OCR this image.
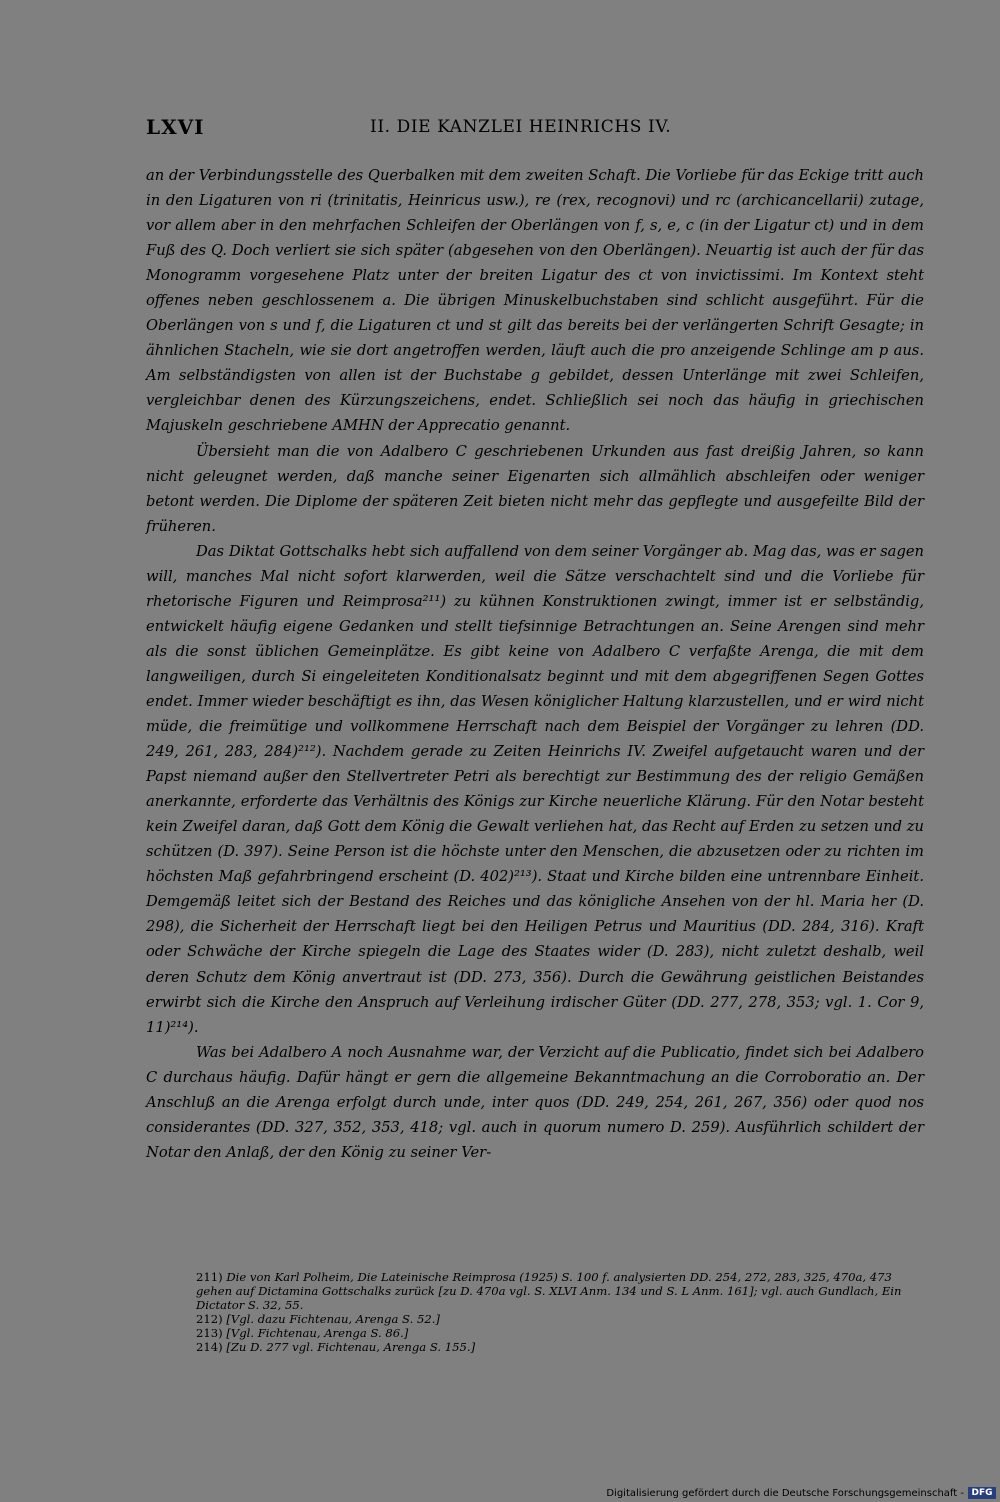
LXVI	II. DIE KANZLEI HEINRICHS IV.

an der Verbindungsstelle des Querbalken mit dem zweiten Schaft. Die Vorliebe für das Eckige tritt auch in den Ligaturen von ri (trinitatis, Heinricus usw.), re (rex, recognovi) und rc (archicancellarii) zutage, vor allem aber in den mehrfachen Schleifen der Oberlängen von f, s, e, c (in der Ligatur ct) und in dem Fuß des Q. Doch verliert sie sich später (abgesehen von den Oberlängen). Neuartig ist auch der für das Monogramm vorgesehene Platz unter der breiten Ligatur des ct von invictissimi. Im Kontext steht offenes neben geschlossenem a. Die übrigen Minuskelbuchstaben sind schlicht ausgeführt. Für die Oberlängen von s und f, die Ligaturen ct und st gilt das bereits bei der verlängerten Schrift Gesagte; in ähnlichen Stacheln, wie sie dort angetroffen werden, läuft auch die pro anzeigende Schlinge am p aus. Am selbständigsten von allen ist der Buchstabe g gebildet, dessen Unterlänge mit zwei Schleifen, vergleichbar denen des Kürzungszeichens, endet. Schließlich sei noch das häufig in griechischen Majuskeln geschriebene AMHN der Apprecatio genannt.

Übersieht man die von Adalbero C geschriebenen Urkunden aus fast dreißig Jahren, so kann nicht geleugnet werden, daß manche seiner Eigenarten sich allmählich abschleifen oder weniger betont werden. Die Diplome der späteren Zeit bieten nicht mehr das gepflegte und ausgefeilte Bild der früheren.

Das Diktat Gottschalks hebt sich auffallend von dem seiner Vorgänger ab. Mag das, was er sagen will, manches Mal nicht sofort klarwerden, weil die Sätze verschachtelt sind und die Vorliebe für rhetorische Figuren und Reimprosa²¹¹) zu kühnen Konstruktionen zwingt, immer ist er selbständig, entwickelt häufig eigene Gedanken und stellt tiefsinnige Betrachtungen an. Seine Arengen sind mehr als die sonst üblichen Gemeinplätze. Es gibt keine von Adalbero C verfaßte Arenga, die mit dem langweiligen, durch Si eingeleiteten Konditionalsatz beginnt und mit dem abgegriffenen Segen Gottes endet. Immer wieder beschäftigt es ihn, das Wesen königlicher Haltung klarzustellen, und er wird nicht müde, die freimütige und vollkommene Herrschaft nach dem Beispiel der Vorgänger zu lehren (DD. 249, 261, 283, 284)²¹²). Nachdem gerade zu Zeiten Heinrichs IV. Zweifel aufgetaucht waren und der Papst niemand außer den Stellvertreter Petri als berechtigt zur Bestimmung des der religio Gemäßen anerkannte, erforderte das Verhältnis des Königs zur Kirche neuerliche Klärung. Für den Notar besteht kein Zweifel daran, daß Gott dem König die Gewalt verliehen hat, das Recht auf Erden zu setzen und zu schützen (D. 397). Seine Person ist die höchste unter den Menschen, die abzusetzen oder zu richten im höchsten Maß gefahrbringend erscheint (D. 402)²¹³). Staat und Kirche bilden eine untrennbare Einheit. Demgemäß leitet sich der Bestand des Reiches und das königliche Ansehen von der hl. Maria her (D. 298), die Sicherheit der Herrschaft liegt bei den Heiligen Petrus und Mauritius (DD. 284, 316). Kraft oder Schwäche der Kirche spiegeln die Lage des Staates wider (D. 283), nicht zuletzt deshalb, weil deren Schutz dem König anvertraut ist (DD. 273, 356). Durch die Gewährung geistlichen Beistandes erwirbt sich die Kirche den Anspruch auf Verleihung irdischer Güter (DD. 277, 278, 353; vgl. 1. Cor 9, 11)²¹⁴).

Was bei Adalbero A noch Ausnahme war, der Verzicht auf die Publicatio, findet sich bei Adalbero C durchaus häufig. Dafür hängt er gern die allgemeine Bekanntmachung an die Corroboratio an. Der Anschluß an die Arenga erfolgt durch unde, inter quos (DD. 249, 254, 261, 267, 356) oder quod nos considerantes (DD. 327, 352, 353, 418; vgl. auch in quorum numero D. 259). Ausführlich schildert der Notar den Anlaß, der den König zu seiner Ver-

211) Die von Karl Polheim, Die Lateinische Reimprosa (1925) S. 100 f. analysierten DD. 254, 272, 283, 325, 470a, 473 gehen auf Dictamina Gottschalks zurück [zu D. 470a vgl. S. XLVI Anm. 134 und S. L Anm. 161]; vgl. auch Gundlach, Ein Dictator S. 32, 55.

212) [Vgl. dazu Fichtenau, Arenga S. 52.]

213) [Vgl. Fichtenau, Arenga S. 86.]

214) [Zu D. 277 vgl. Fichtenau, Arenga S. 155.]

Digitalisierung gefördert durch die Deutsche Forschungsgemeinschaft - DFG
